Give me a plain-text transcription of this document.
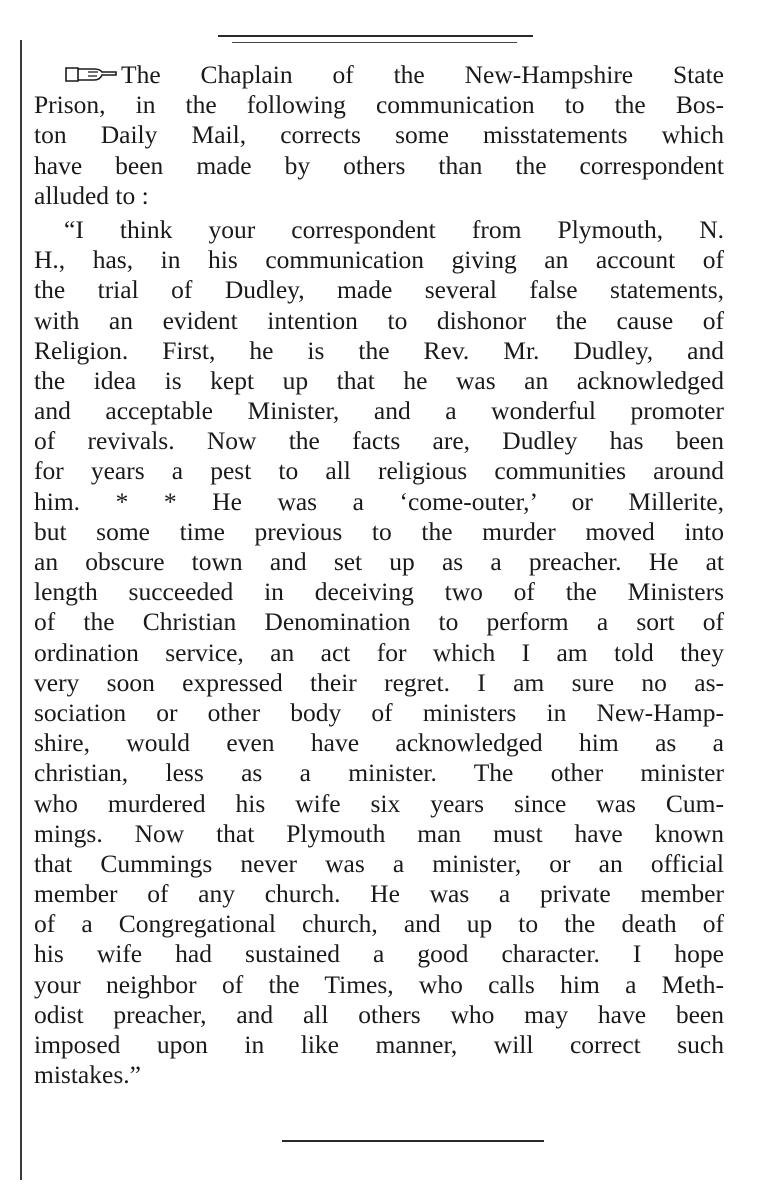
The Chaplain of the New-Hampshire State
Prison, in the following communication to the Bos-
ton Daily Mail, corrects some misstatements which
have been made by others than the correspondent
alluded to :
“I think your correspondent from Plymouth, N.
H., has, in his communication giving an account of
the trial of Dudley, made several false statements,
with an evident intention to dishonor the cause of
Religion. First, he is the Rev. Mr. Dudley, and
the idea is kept up that he was an acknowledged
and acceptable Minister, and a wonderful promoter
of revivals. Now the facts are, Dudley has been
for years a pest to all religious communities around
him. * * He was a ‘come-outer,’ or Millerite,
but some time previous to the murder moved into
an obscure town and set up as a preacher. He at
length succeeded in deceiving two of the Ministers
of the Christian Denomination to perform a sort of
ordination service, an act for which I am told they
very soon expressed their regret. I am sure no as-
sociation or other body of ministers in New-Hamp-
shire, would even have acknowledged him as a
christian, less as a minister. The other minister
who murdered his wife six years since was Cum-
mings. Now that Plymouth man must have known
that Cummings never was a minister, or an official
member of any church. He was a private member
of a Congregational church, and up to the death of
his wife had sustained a good character. I hope
your neighbor of the Times, who calls him a Meth-
odist preacher, and all others who may have been
imposed upon in like manner, will correct such
mistakes.”
